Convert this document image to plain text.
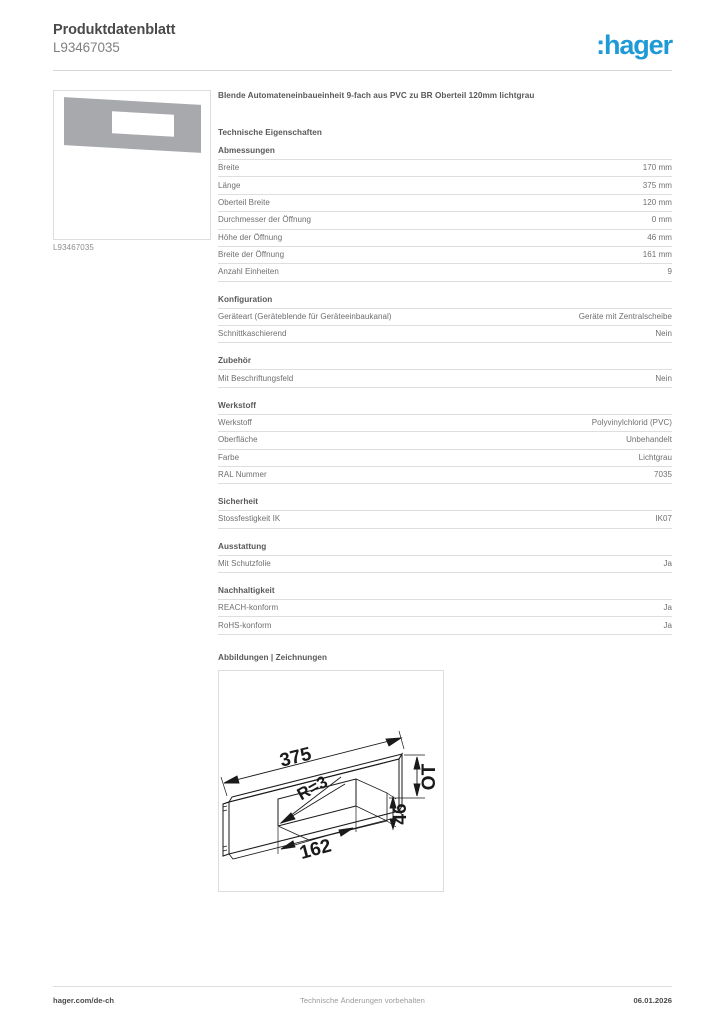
Produktdatenblatt
L93467035	:hager
L93467035
Blende Automateneinbaueinheit 9-fach aus PVC zu BR Oberteil 120mm lichtgrau
Technische Eigenschaften
Abmessungen
Breite	170 mm
Länge	375 mm
Oberteil Breite	120 mm
Durchmesser der Öffnung	0 mm
Höhe der Öffnung	46 mm
Breite der Öffnung	161 mm
Anzahl Einheiten	9
Konfiguration
Geräteart (Geräteblende für Geräteeinbaukanal)	Geräte mit Zentralscheibe
Schnittkaschierend	Nein
Zubehör
Mit Beschriftungsfeld	Nein
Werkstoff
Werkstoff	Polyvinylchlorid (PVC)
Oberfläche	Unbehandelt
Farbe	Lichtgrau
RAL Nummer	7035
Sicherheit
Stossfestigkeit IK	IK07
Ausstattung
Mit Schutzfolie	Ja
Nachhaltigkeit
REACH-konform	Ja
RoHS-konform	Ja
Abbildungen | Zeichnungen
375
OT
46
162
R=3
hager.com/de-ch	Technische Änderungen vorbehalten	06.01.2026
